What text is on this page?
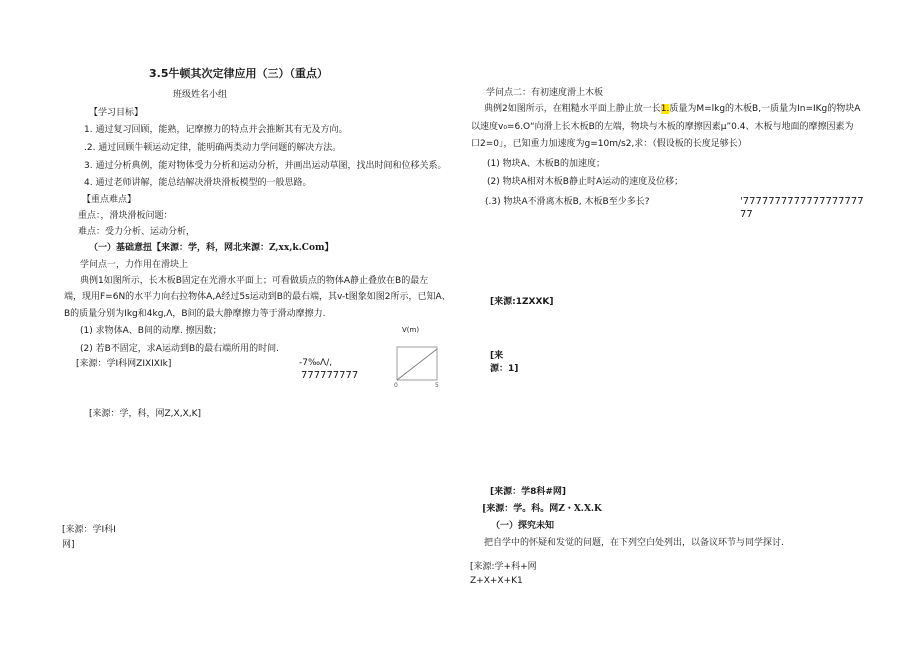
3.5牛顿其次定律应用（三）（重点）
班级姓名小组
【学习目标】
1. 通过复习回顾，能熟，记摩擦力的特点并会推断其有无及方向。
.2. 通过回顾牛顿运动定律，能明确两类动力学问题的解决方法。
3. 通过分析典例，能对物体受力分析和运动分析，并画出运动草图，找出时间和位移关系。
4. 通过老师讲解，能总结解决滑块滑板模型的一般思路。
【重点难点】
重点：，滑块滑板问题：
难点：受力分析、运动分析，
（一）基础意扭【来源：学，科，网北来源：Z,xx,k.Com】
学问点一，力作用在滑块上
典例1如图所示，长木板B固定在光滑水平面上；可看做质点的物体A静止叠放在B的最左
端，现用F=6N的水平力向右拉物体A,A经过5s运动到B的最右端，其v-t图象如图2所示，已知A、
B的质量分别为Ikg和4kg,Λ，B间的最大静摩擦力等于滑动摩擦力.
(1) 求物体A、B间的动摩. 擦因数；
(2) 若B不固定，求A运动到B的最右端所用的时间.
[来源：学I科网ZIXIXIk]	-7‰Λ/,
777777777
0	5
V(m)
[来源：学，科，网Z,X,X,K]
[来源：学I科I
网]
学问点二：有初速度滑上木板
典例2如图所示，在粗糙水平面上静止放一长1.质量为M=lkg的木板B,一质量为In=IKg的物块A
以速度v₀=6.O“向滑上长木板B的左端，物块与木板的摩擦因素μ”0.4、木板与地面的摩擦因素为
口2=0」，已知重力加速度为g=10m∕s2,求：（假设板的长度足够长）
(1) 物块A、木板B的加速度；
(2) 物块A相对木板B静止时A运动的速度及位移；
(.3) 物块A不滑离木板B, 木板B至少多长?	'7777777777777777777
77
[来源:1ZXXK]
[来
源：1]
[来源：学8科#网]
[来源：学。科。网Z・X.X.K
（一）探究未知
把自学中的怀疑和发觉的问题，在下列空白处列出，以备议环节与同学探讨.
[来源:学+科+网
Z+X+X+K1
